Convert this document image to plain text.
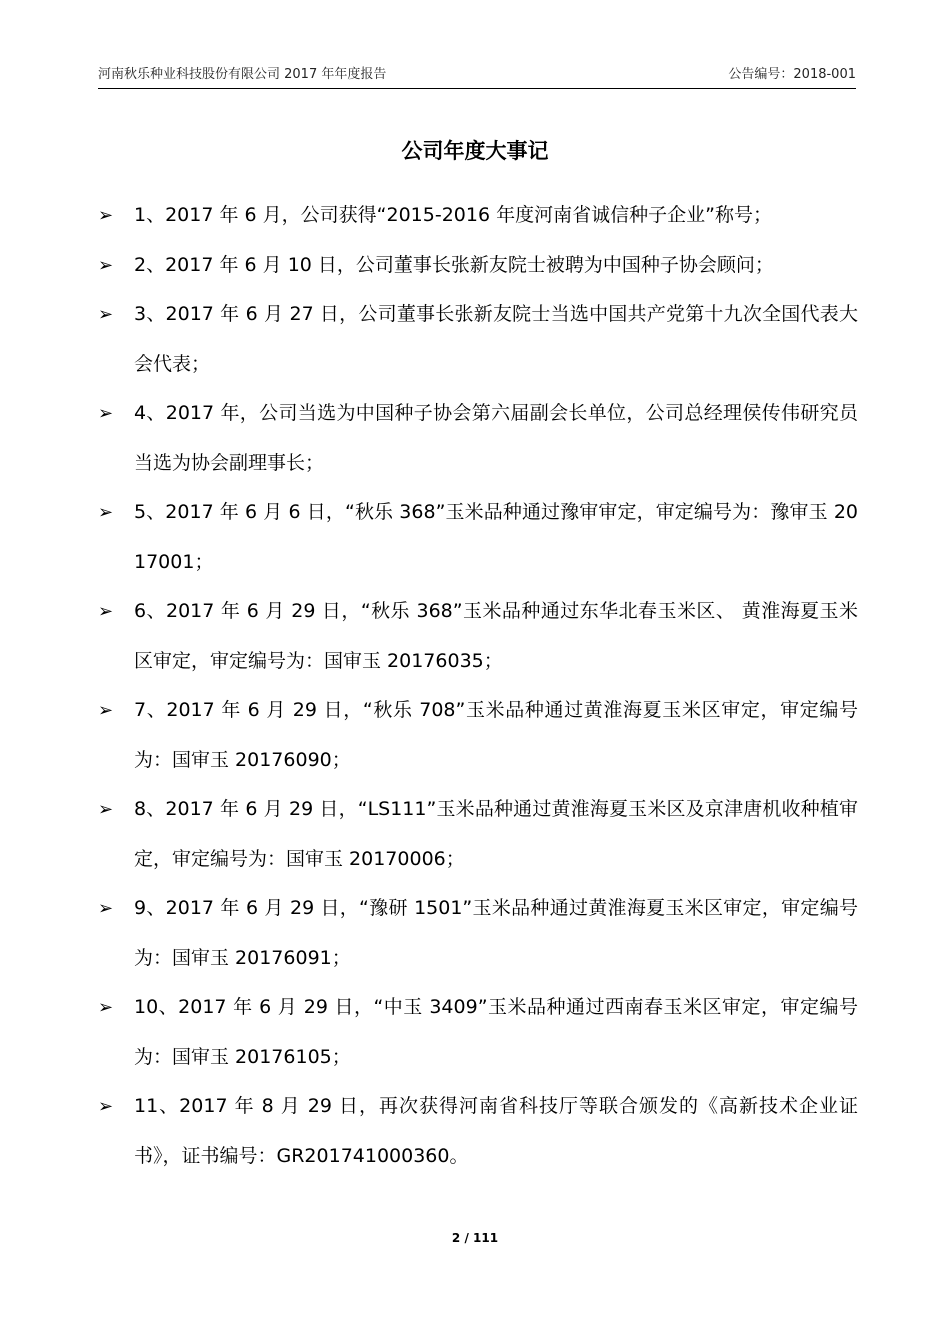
河南秋乐种业科技股份有限公司 2017 年年度报告	公告编号：2018-001
公司年度大事记
➢ 1、2017 年 6 月，公司获得“2015-2016 年度河南省诚信种子企业”称号；
➢ 2、2017 年 6 月 10 日，公司董事长张新友院士被聘为中国种子协会顾问；
➢ 3、2017 年 6 月 27 日，公司董事长张新友院士当选中国共产党第十九次全国代表大会代表；
➢ 4、2017 年，公司当选为中国种子协会第六届副会长单位，公司总经理侯传伟研究员当选为协会副理事长；
➢ 5、2017 年 6 月 6 日，“秋乐 368”玉米品种通过豫审审定，审定编号为：豫审玉 2017001；
➢ 6、2017 年 6 月 29 日，“秋乐 368”玉米品种通过东华北春玉米区、 黄淮海夏玉米区审定，审定编号为：国审玉 20176035；
➢ 7、2017 年 6 月 29 日，“秋乐 708”玉米品种通过黄淮海夏玉米区审定，审定编号为：国审玉 20176090；
➢ 8、2017 年 6 月 29 日，“LS111”玉米品种通过黄淮海夏玉米区及京津唐机收种植审定，审定编号为：国审玉 20170006；
➢ 9、2017 年 6 月 29 日，“豫研 1501”玉米品种通过黄淮海夏玉米区审定，审定编号为：国审玉 20176091；
➢ 10、2017 年 6 月 29 日，“中玉 3409”玉米品种通过西南春玉米区审定，审定编号为：国审玉 20176105；
➢ 11、2017 年 8 月 29 日，再次获得河南省科技厅等联合颁发的《高新技术企业证书》，证书编号：GR201741000360。
2 / 111
